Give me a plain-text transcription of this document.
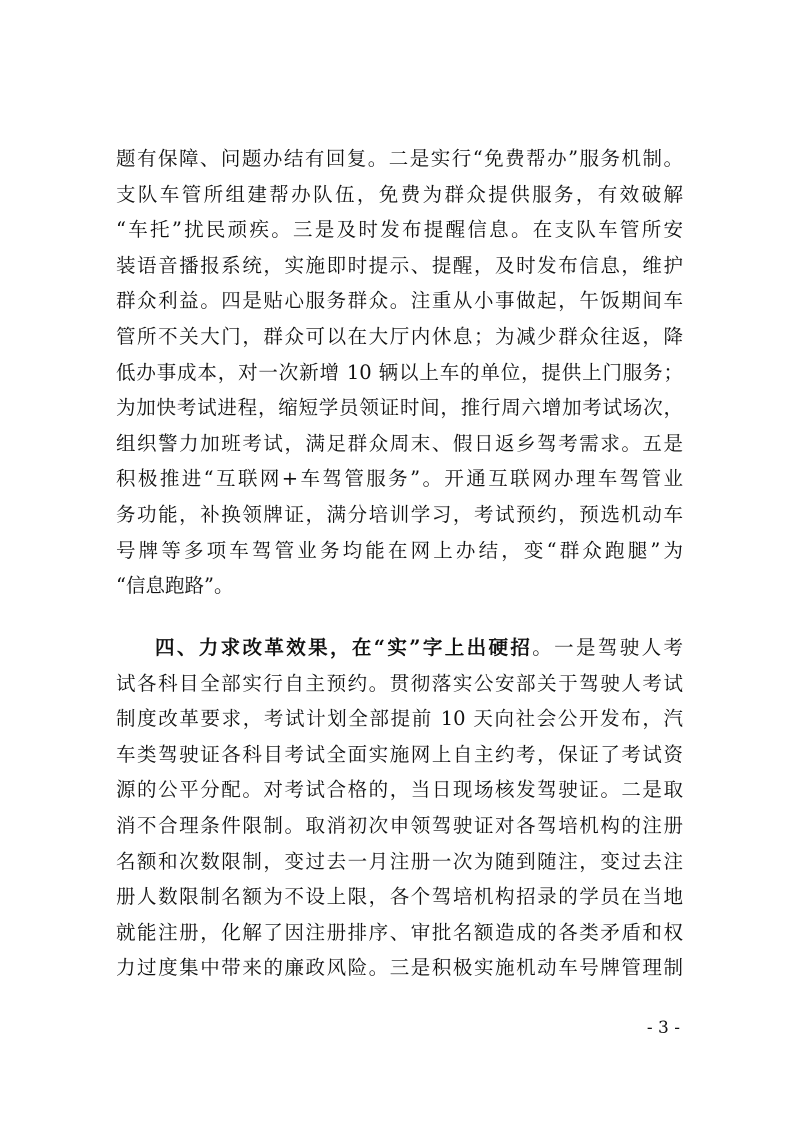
题有保障、问题办结有回复。二是实行“免费帮办”服务机制。
支队车管所组建帮办队伍，免费为群众提供服务，有效破解
“车托”扰民顽疾。三是及时发布提醒信息。在支队车管所安
装语音播报系统，实施即时提示、提醒，及时发布信息，维护
群众利益。四是贴心服务群众。注重从小事做起，午饭期间车
管所不关大门，群众可以在大厅内休息；为减少群众往返，降
低办事成本，对一次新增 10 辆以上车的单位，提供上门服务；
为加快考试进程，缩短学员领证时间，推行周六增加考试场次，
组织警力加班考试，满足群众周末、假日返乡驾考需求。五是
积极推进“互联网+车驾管服务”。开通互联网办理车驾管业
务功能，补换领牌证，满分培训学习，考试预约，预选机动车
号牌等多项车驾管业务均能在网上办结，变“群众跑腿”为
“信息跑路”。
四、力求改革效果，在“实”字上出硬招。一是驾驶人考
试各科目全部实行自主预约。贯彻落实公安部关于驾驶人考试
制度改革要求，考试计划全部提前 10 天向社会公开发布，汽
车类驾驶证各科目考试全面实施网上自主约考，保证了考试资
源的公平分配。对考试合格的，当日现场核发驾驶证。二是取
消不合理条件限制。取消初次申领驾驶证对各驾培机构的注册
名额和次数限制，变过去一月注册一次为随到随注，变过去注
册人数限制名额为不设上限，各个驾培机构招录的学员在当地
就能注册，化解了因注册排序、审批名额造成的各类矛盾和权
力过度集中带来的廉政风险。三是积极实施机动车号牌管理制
- 3 -
